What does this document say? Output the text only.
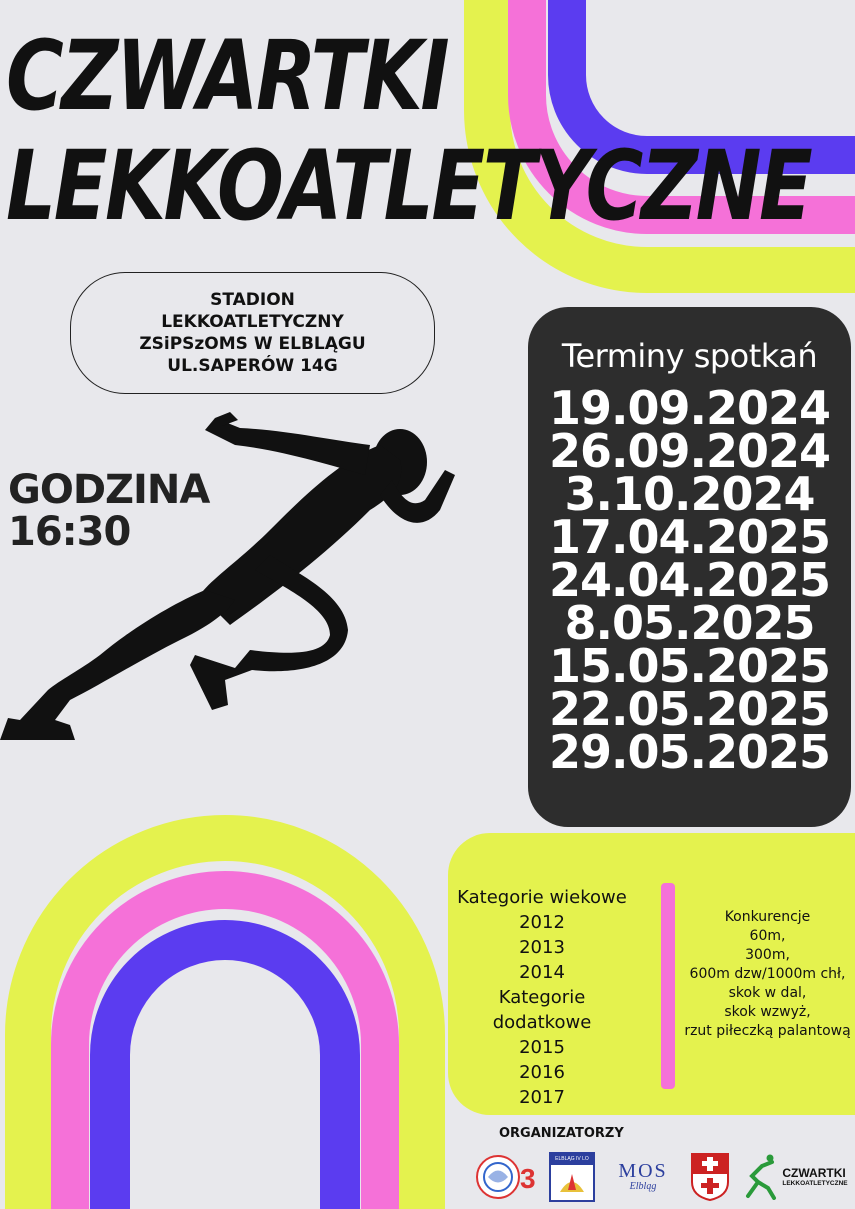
CZWARTKI
LEKKOATLETYCZNE
STADION
LEKKOATLETYCZNY
ZSiPSzOMS W ELBLĄGU
UL.SAPERÓW 14G
GODZINA
16:30
Terminy spotkań
19.09.2024
26.09.2024
3.10.2024
17.04.2025
24.04.2025
8.05.2025
15.05.2025
22.05.2025
29.05.2025
Kategorie wiekowe
2012
2013
2014
Kategorie dodatkowe
2015
2016
2017
Konkurencje
60m,
300m,
600m dzw/1000m chł,
skok w dal,
skok wzwyż,
rzut piłeczką palantową
ORGANIZATORZY
3
ELBLĄG IV LO
MOS
Elbląg
CZWARTKI
LEKKOATLETYCZNE
